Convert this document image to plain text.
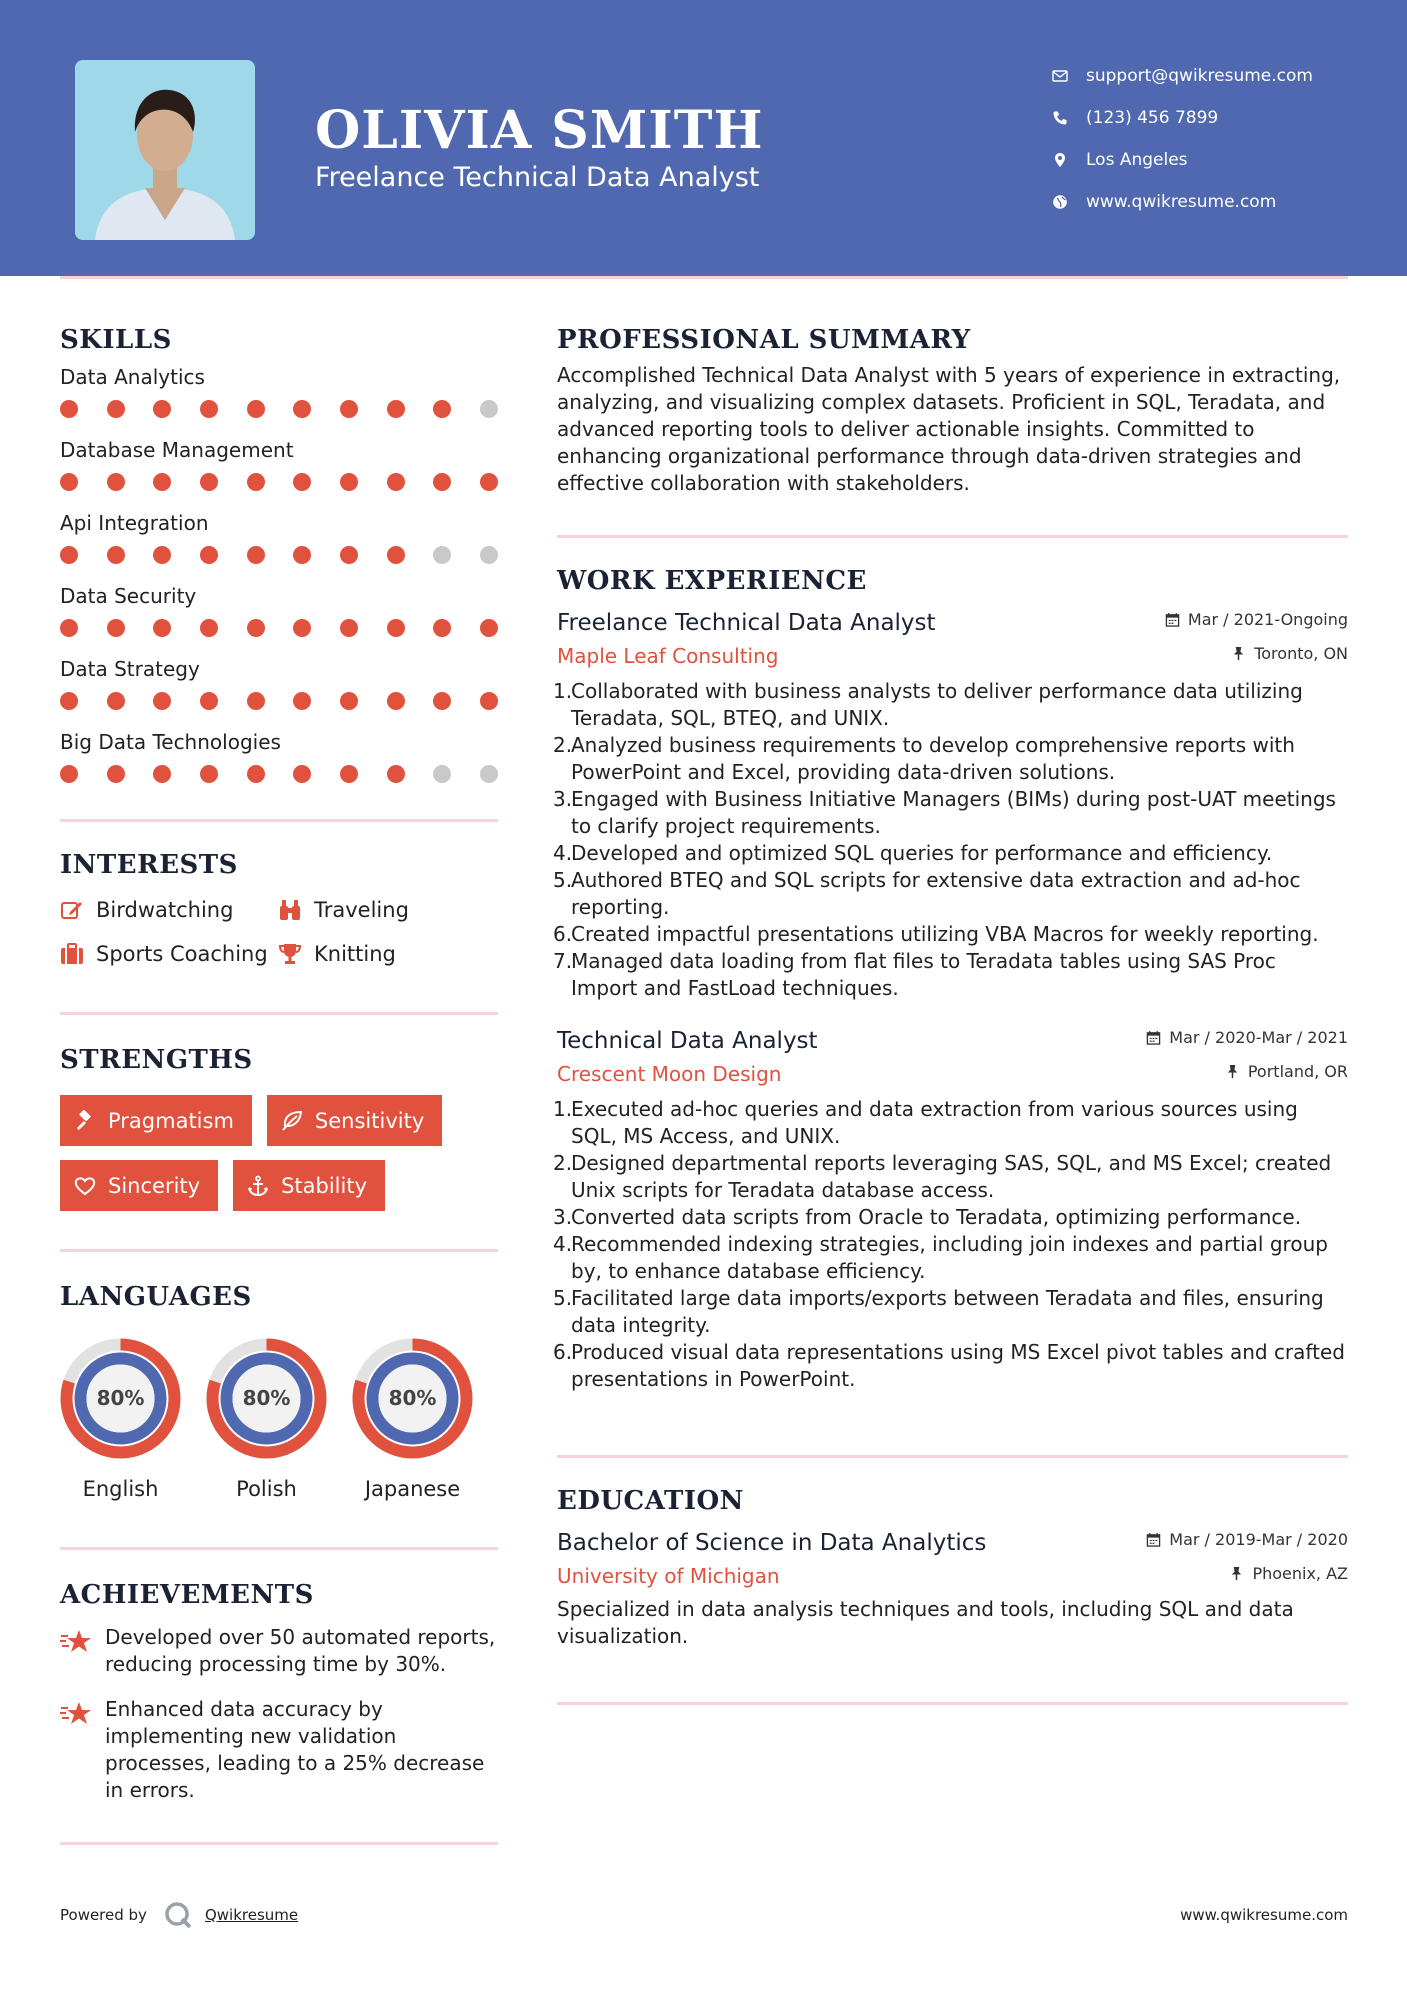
OLIVIA SMITH
Freelance Technical Data Analyst
support@qwikresume.com
(123) 456 7899
Los Angeles
www.qwikresume.com
SKILLS
Data Analytics
Database Management
Api Integration
Data Security
Data Strategy
Big Data Technologies
INTERESTS
Birdwatching	Traveling
Sports Coaching Knitting
STRENGTHS
Pragmatism	Sensitivity
Sincerity	Stability
LANGUAGES
80%
English
80%
Polish
80%
Japanese
ACHIEVEMENTS
Developed over 50 automated reports, reducing processing time by 30%.
Enhanced data accuracy by implementing new validation processes, leading to a 25% decrease in errors.
PROFESSIONAL SUMMARY
Accomplished Technical Data Analyst with 5 years of experience in extracting, analyzing, and visualizing complex datasets. Proficient in SQL, Teradata, and advanced reporting tools to deliver actionable insights. Committed to enhancing organizational performance through data-driven strategies and effective collaboration with stakeholders.
WORK EXPERIENCE
Freelance Technical Data Analyst	Mar / 2021-Ongoing
Maple Leaf Consulting	Toronto, ON
1.
Collaborated with business analysts to deliver performance data utilizing Teradata, SQL, BTEQ, and UNIX.
2.
Analyzed business requirements to develop comprehensive reports with PowerPoint and Excel, providing data-driven solutions.
3.
Engaged with Business Initiative Managers (BIMs) during post-UAT meetings to clarify project requirements.
4.
Developed and optimized SQL queries for performance and efficiency.
5.
Authored BTEQ and SQL scripts for extensive data extraction and ad-hoc reporting.
6.
Created impactful presentations utilizing VBA Macros for weekly reporting.
7.
Managed data loading from flat files to Teradata tables using SAS Proc Import and FastLoad techniques.
Technical Data Analyst	Mar / 2020-Mar / 2021
Crescent Moon Design	Portland, OR
1.
Executed ad-hoc queries and data extraction from various sources using SQL, MS Access, and UNIX.
2.
Designed departmental reports leveraging SAS, SQL, and MS Excel; created Unix scripts for Teradata database access.
3.
Converted data scripts from Oracle to Teradata, optimizing performance.
4.
Recommended indexing strategies, including join indexes and partial group by, to enhance database efficiency.
5.
Facilitated large data imports/exports between Teradata and files, ensuring data integrity.
6.
Produced visual data representations using MS Excel pivot tables and crafted presentations in PowerPoint.
EDUCATION
Bachelor of Science in Data Analytics	Mar / 2019-Mar / 2020
University of Michigan	Phoenix, AZ
Specialized in data analysis techniques and tools, including SQL and data visualization.
Powered by	Qwikresume	www.qwikresume.com
